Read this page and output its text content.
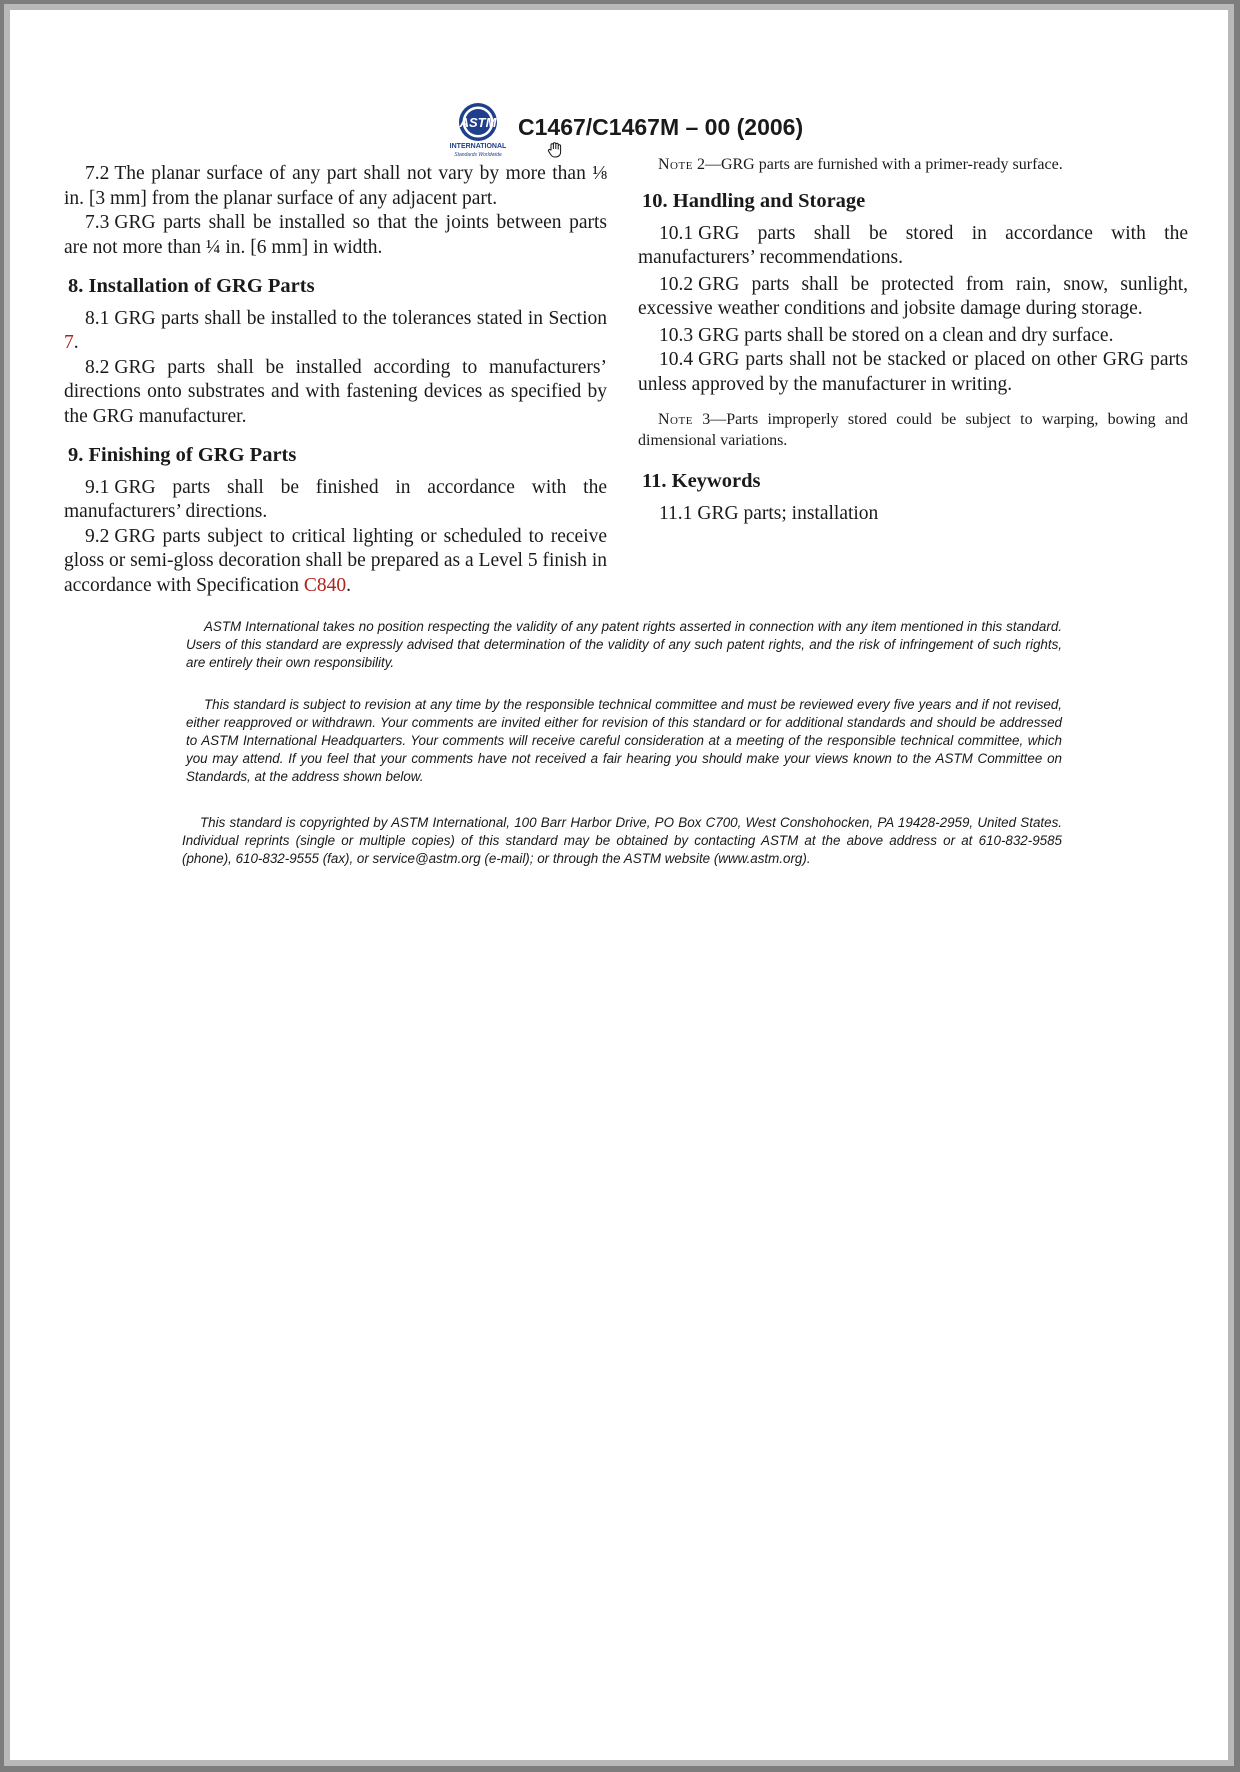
ASTM
INTERNATIONAL
Standards Worldwide
C1467/C1467M – 00 (2006)

7.2 The planar surface of any part shall not vary by more than ⅛ in. [3 mm] from the planar surface of any adjacent part.

7.3 GRG parts shall be installed so that the joints between parts are not more than ¼ in. [6 mm] in width.

8. Installation of GRG Parts

8.1 GRG parts shall be installed to the tolerances stated in Section 7.

8.2 GRG parts shall be installed according to manufacturers’ directions onto substrates and with fastening devices as specified by the GRG manufacturer.

9. Finishing of GRG Parts

9.1 GRG parts shall be finished in accordance with the manufacturers’ directions.

9.2 GRG parts subject to critical lighting or scheduled to receive gloss or semi-gloss decoration shall be prepared as a Level 5 finish in accordance with Specification C840.

Note 2—GRG parts are furnished with a primer-ready surface.

10. Handling and Storage

10.1 GRG parts shall be stored in accordance with the manufacturers’ recommendations.

10.2 GRG parts shall be protected from rain, snow, sunlight, excessive weather conditions and jobsite damage during storage.

10.3 GRG parts shall be stored on a clean and dry surface.

10.4 GRG parts shall not be stacked or placed on other GRG parts unless approved by the manufacturer in writing.

Note 3—Parts improperly stored could be subject to warping, bowing and dimensional variations.

11. Keywords

11.1 GRG parts; installation

ASTM International takes no position respecting the validity of any patent rights asserted in connection with any item mentioned in this standard. Users of this standard are expressly advised that determination of the validity of any such patent rights, and the risk of infringement of such rights, are entirely their own responsibility.

This standard is subject to revision at any time by the responsible technical committee and must be reviewed every five years and if not revised, either reapproved or withdrawn. Your comments are invited either for revision of this standard or for additional standards and should be addressed to ASTM International Headquarters. Your comments will receive careful consideration at a meeting of the responsible technical committee, which you may attend. If you feel that your comments have not received a fair hearing you should make your views known to the ASTM Committee on Standards, at the address shown below.

This standard is copyrighted by ASTM International, 100 Barr Harbor Drive, PO Box C700, West Conshohocken, PA 19428-2959, United States. Individual reprints (single or multiple copies) of this standard may be obtained by contacting ASTM at the above address or at 610-832-9585 (phone), 610-832-9555 (fax), or service@astm.org (e-mail); or through the ASTM website (www.astm.org).
